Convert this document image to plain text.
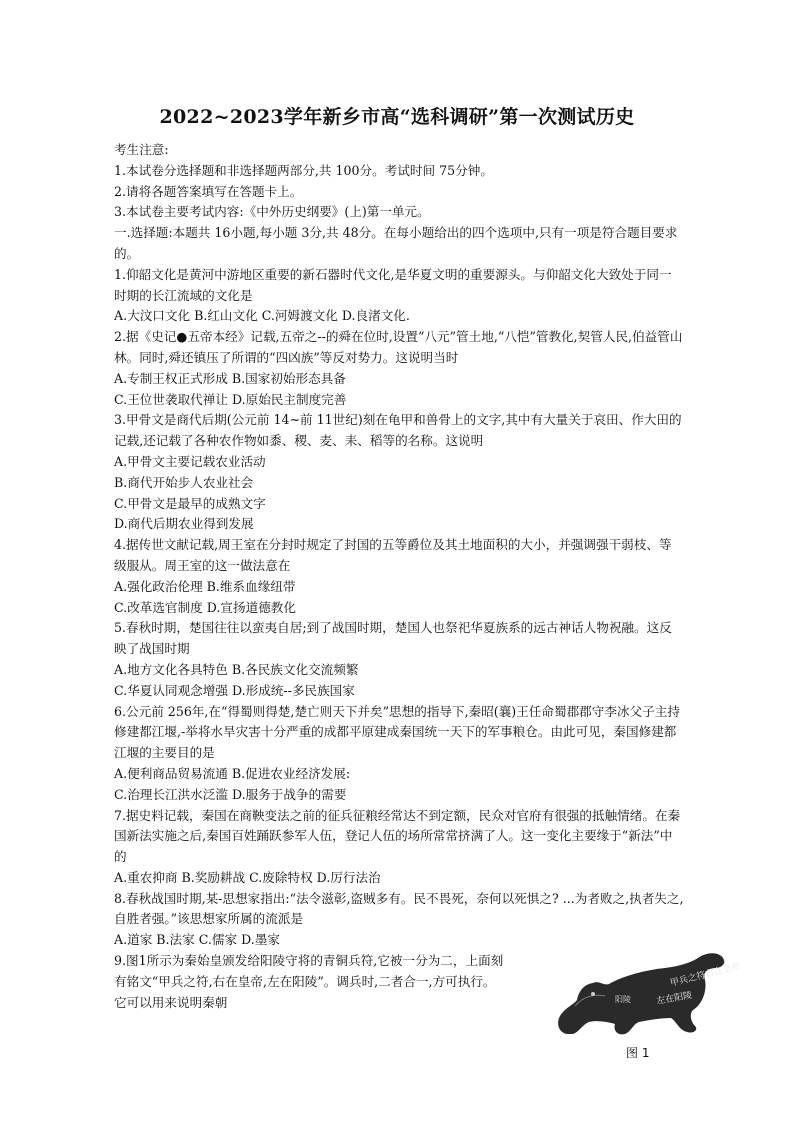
2022~2023学年新乡市高“选科调研”第一次测试历史
考生注意:
1.本试卷分选择题和非选择题两部分,共 100分。考试时间 75分钟。
2.请将各题答案填写在答题卡上。
3.本试卷主要考试内容:《中外历史纲要》(上)第一单元。
一.选择题:本题共 16小题,每小题 3分,共 48分。在每小题给出的四个选项中,只有一项是符合题目要求的。
1.仰韶文化是黄河中游地区重要的新石器时代文化,是华夏文明的重要源头。与仰韶文化大致处于同一时期的长江流域的文化是
A.大汶口文化 B.红山文化 C.河姆渡文化 D.良渚文化.
2.据《史记●五帝本经》记载,五帝之--的舜在位时,设置“八元”管土地,“八恺”管教化,契管人民,伯益管山林。同时,舜还镇压了所谓的“四凶族”等反对势力。这说明当时
A.专制王权正式形成 B.国家初始形态具备
C.王位世袭取代禅让 D.原始民主制度完善
3.甲骨文是商代后期(公元前 14~前 11世纪)刻在龟甲和兽骨上的文字,其中有大量关于哀田、作大田的记载,还记载了各种农作物如黍、稷、麦、耒、稻等的名称。这说明
A.甲骨文主要记载农业活动
B.商代开始步人农业社会
C.甲骨文是最早的成熟文字
D.商代后期农业得到发展
4.据传世文献记载,周王室在分封时规定了封国的五等爵位及其土地面积的大小，并强调强干弱枝、等级服从。周王室的这一做法意在
A.强化政治伦理 B.维系血缘纽带
C.改革选官制度 D.宣扬道德教化
5.春秋时期，楚国往往以蛮夷自居;到了战国时期，楚国人也祭祀华夏族系的远古神话人物祝融。这反映了战国时期
A.地方文化各具特色 B.各民族文化交流频繁
C.华夏认同观念增强 D.形成统--多民族国家
6.公元前 256年,在“得蜀则得楚,楚亡则天下并矣”思想的指导下,秦昭(襄)王任命蜀郡郡守李冰父子主持修建都江堰,-举将水旱灾害十分严重的成都平原建成秦国统一天下的军事粮仓。由此可见，秦国修建都江堰的主要目的是
A.便利商品贸易流通 B.促进农业经济发展:
C.治理长江洪水泛滥 D.服务于战争的需要
7.据史料记载，秦国在商鞅变法之前的征兵征粮经常达不到定额，民众对官府有很强的抵触情绪。在秦国新法实施之后,秦国百姓踊跃参军人伍，登记人伍的场所常常挤满了人。这一变化主要缘于“新法”中的
A.重农抑商 B.奖励耕战 C.废除特权 D.厉行法治
8.春秋战国时期,某-思想家指出:“法令滋彰,盗贼多有。民不畏死，奈何以死惧之? ...为者败之,执者失之,自胜者强。”该思想家所属的流派是
A.道家 B.法家 C.儒家 D.墨家
9.图1所示为秦始皇颁发给阳陵守将的青铜兵符,它被一分为二，上面刻
有铭文“甲兵之符,右在皇帝,左在阳陵”。调兵时,二者合一,方可执行。
它可以用来说明秦朝
甲兵之符右在皇帝
左在阳陵
阳陵
图 1
